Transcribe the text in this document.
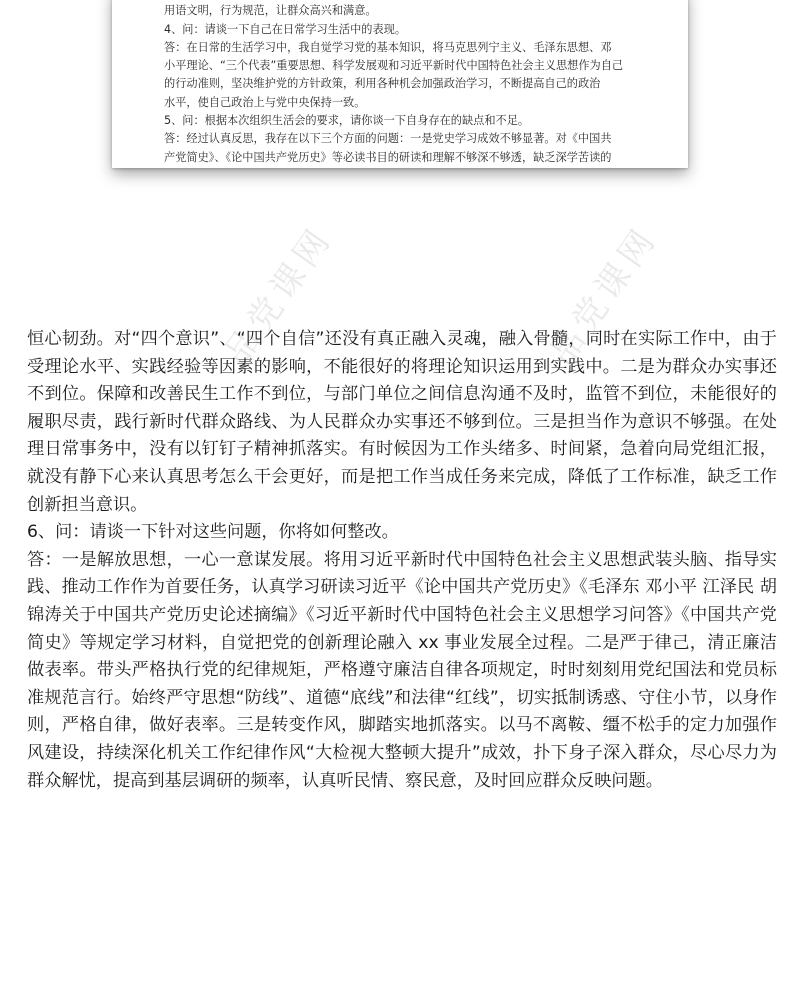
用语文明，行为规范，让群众高兴和满意。

4、问：请谈一下自己在日常学习生活中的表现。

答：在日常的生活学习中，我自觉学习党的基本知识，将马克思列宁主义、毛泽东思想、邓

小平理论、“三个代表”重要思想、科学发展观和习近平新时代中国特色社会主义思想作为自己

的行动准则，坚决维护党的方针政策，利用各种机会加强政治学习，不断提高自己的政治

水平，使自己政治上与党中央保持一致。

5、问：根据本次组织生活会的要求，请你谈一下自身存在的缺点和不足。

答：经过认真反思，我存在以下三个方面的问题：一是党史学习成效不够显著。对《中国共

产党简史》、《论中国共产党历史》等必读书目的研读和理解不够深不够透，缺乏深学苦读的

品党课网	品党课网

恒心韧劲。对“四个意识”、“四个自信”还没有真正融入灵魂，融入骨髓，同时在实际工作中，由于受理论水平、实践经验等因素的影响，不能很好的将理论知识运用到实践中。二是为群众办实事还不到位。保障和改善民生工作不到位，与部门单位之间信息沟通不及时，监管不到位，未能很好的履职尽责，践行新时代群众路线、为人民群众办实事还不够到位。三是担当作为意识不够强。在处理日常事务中，没有以钉钉子精神抓落实。有时候因为工作头绪多、时间紧，急着向局党组汇报，就没有静下心来认真思考怎么干会更好，而是把工作当成任务来完成，降低了工作标准，缺乏工作创新担当意识。

6、问：请谈一下针对这些问题，你将如何整改。

答：一是解放思想，一心一意谋发展。将用习近平新时代中国特色社会主义思想武装头脑、指导实践、推动工作作为首要任务，认真学习研读习近平《论中国共产党历史》《毛泽东 邓小平 江泽民 胡锦涛关于中国共产党历史论述摘编》《习近平新时代中国特色社会主义思想学习问答》《中国共产党简史》等规定学习材料，自觉把党的创新理论融入 xx 事业发展全过程。二是严于律己，清正廉洁做表率。带头严格执行党的纪律规矩，严格遵守廉洁自律各项规定，时时刻刻用党纪国法和党员标准规范言行。始终严守思想“防线”、道德“底线”和法律“红线”，切实抵制诱惑、守住小节，以身作则，严格自律，做好表率。三是转变作风，脚踏实地抓落实。以马不离鞍、缰不松手的定力加强作风建设，持续深化机关工作纪律作风“大检视大整顿大提升”成效，扑下身子深入群众，尽心尽力为群众解忧，提高到基层调研的频率，认真听民情、察民意，及时回应群众反映问题。
